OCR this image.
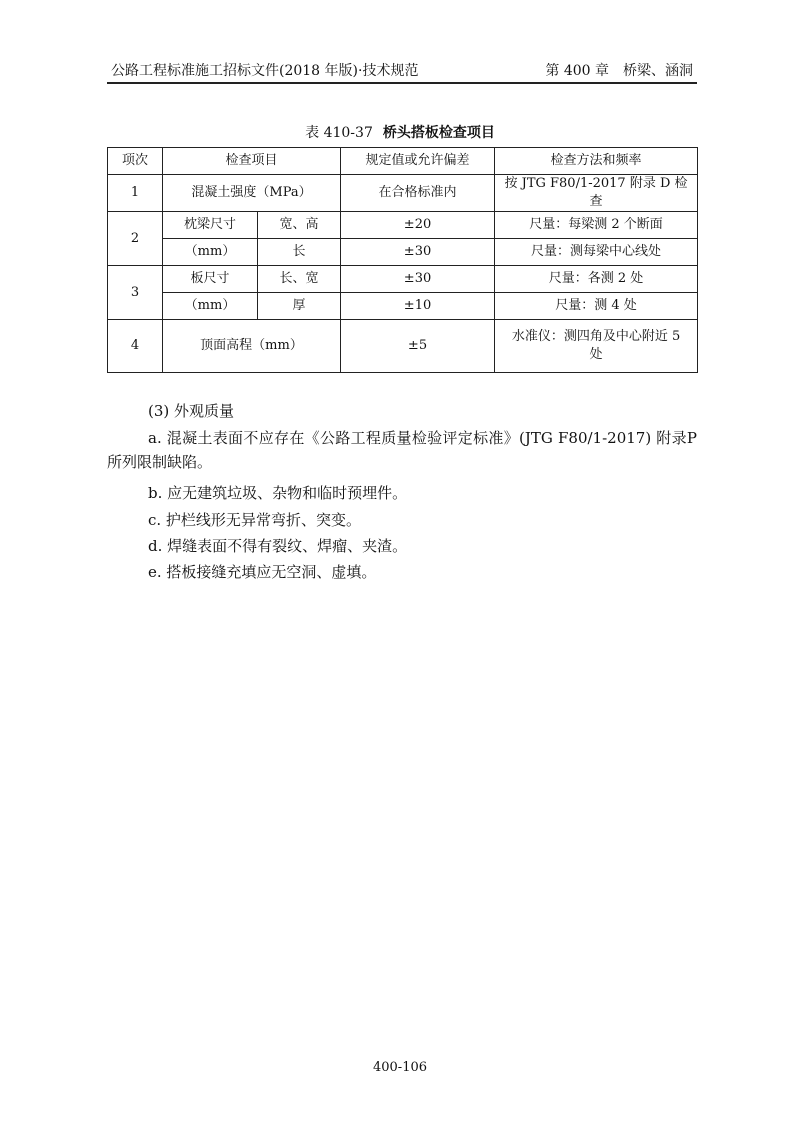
公路工程标准施工招标文件(2018 年版)·技术规范	第 400 章　桥梁、涵洞
表 410-37 桥头搭板检查项目
项次	检查项目		规定值或允许偏差	检查方法和频率
1	混凝土强度（MPa）		在合格标准内	按 JTG F80/1-2017 附录 D 检查
2	枕梁尺寸	宽、高	±20	尺量：每梁测 2 个断面
	（mm）	长	±30	尺量：测每梁中心线处
3	板尺寸	长、宽	±30	尺量：各测 2 处
	（mm）	厚	±10	尺量：测 4 处
4	顶面高程（mm）		±5	水准仪：测四角及中心附近 5
处
(3) 外观质量
a. 混凝土表面不应存在《公路工程质量检验评定标准》(JTG F80/1-2017) 附录P所列限制缺陷。
b. 应无建筑垃圾、杂物和临时预埋件。
c. 护栏线形无异常弯折、突变。
d. 焊缝表面不得有裂纹、焊瘤、夹渣。
e. 搭板接缝充填应无空洞、虚填。
400-106
